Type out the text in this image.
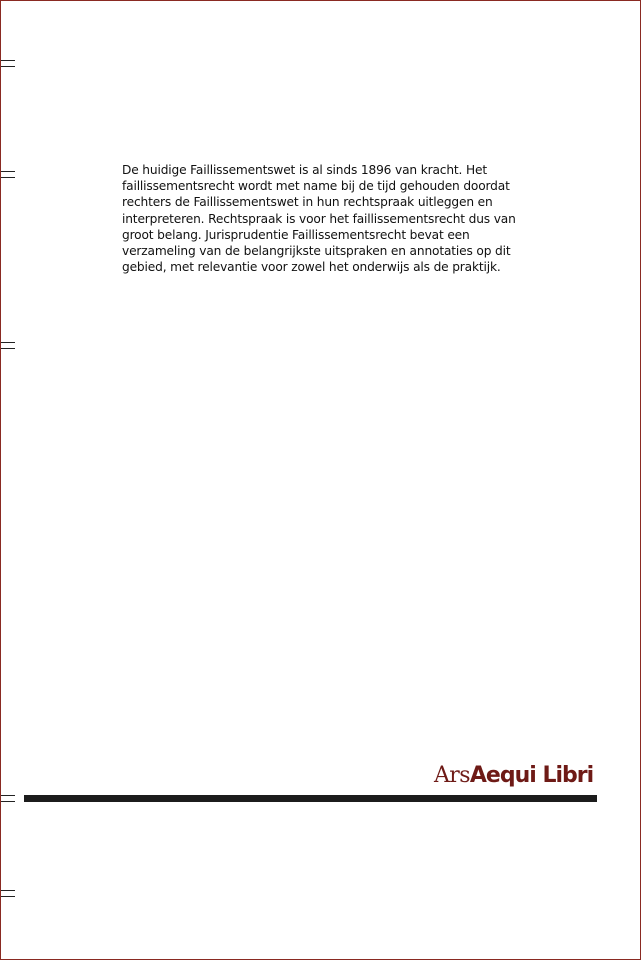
De huidige Faillissementswet is al sinds 1896 van kracht. Het faillissementsrecht wordt met name bij de tijd gehouden doordat rechters de Faillissementswet in hun rechtspraak uitleggen en interpreteren. Rechtspraak is voor het faillissementsrecht dus van groot belang. Jurisprudentie Faillissementsrecht bevat een verzameling van de belangrijkste uitspraken en annotaties op dit gebied, met relevantie voor zowel het onderwijs als de praktijk.

ArsAequi Libri
